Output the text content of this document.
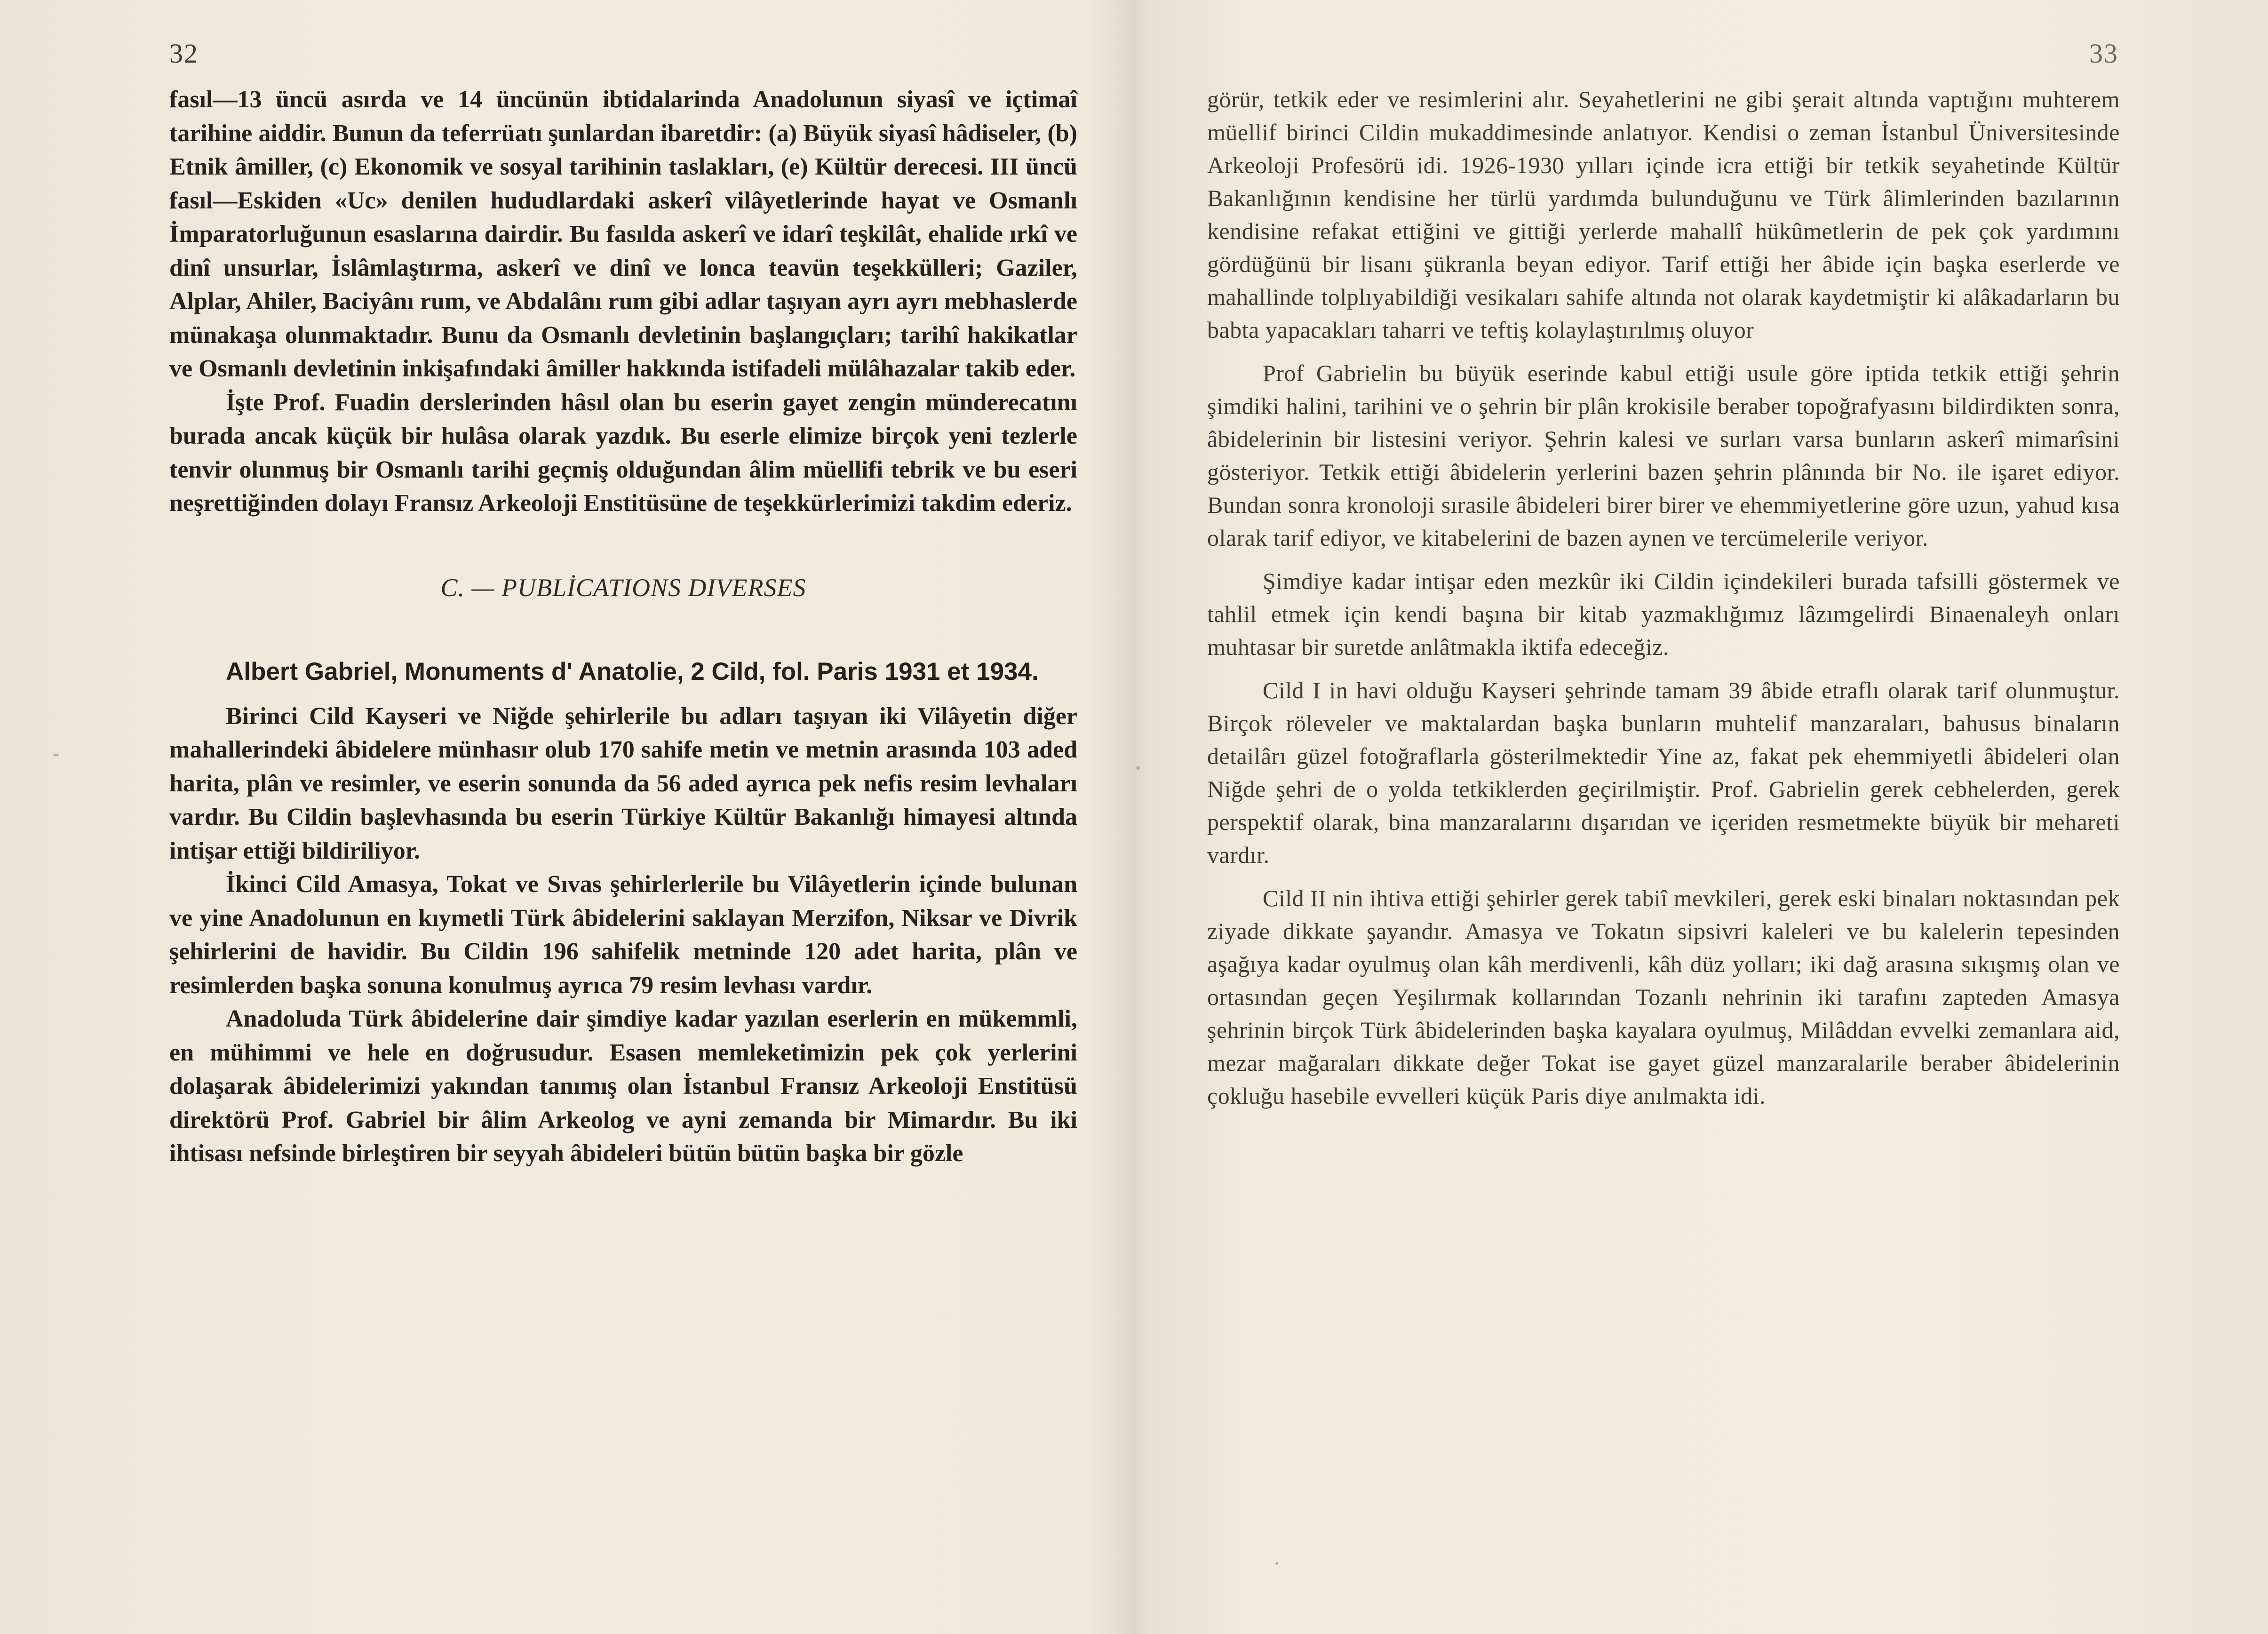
32

fasıl—13 üncü asırda ve 14 üncünün ibtidalarinda Anadolunun siyasî ve içtimaî tarihine aiddir. Bunun da teferrüatı şunlardan ibaretdir: (a) Büyük siyasî hâdiseler, (b) Etnik âmiller, (c) Ekonomik ve sosyal tarihinin taslakları, (e) Kültür derecesi. III üncü fasıl—Eskiden «Uc» denilen hududlardaki askerî vilâyetlerinde hayat ve Osmanlı İmparatorluğunun esaslarına dairdir. Bu fasılda askerî ve idarî teşkilât, ehalide ırkî ve dinî unsurlar, İslâmlaştırma, askerî ve dinî ve lonca teavün teşekkülleri; Gaziler, Alplar, Ahiler, Baciyânı rum, ve Abdalânı rum gibi adlar taşıyan ayrı ayrı mebhaslerde münakaşa olunmaktadır. Bunu da Osmanlı devletinin başlangıçları; tarihî hakikatlar ve Osmanlı devletinin inkişafındaki âmiller hakkında istifadeli mülâhazalar takib eder.

İşte Prof. Fuadin derslerinden hâsıl olan bu eserin gayet zengin münderecatını burada ancak küçük bir hulâsa olarak yazdık. Bu eserle elimize birçok yeni tezlerle tenvir olunmuş bir Osmanlı tarihi geçmiş olduğundan âlim müellifi tebrik ve bu eseri neşrettiğinden dolayı Fransız Arkeoloji Enstitüsüne de teşekkürlerimizi takdim ederiz.

C. — PUBLİCATIONS DIVERSES
Albert Gabriel, Monuments d' Anatolie, 2 Cild, fol. Paris 1931 et 1934.

Birinci Cild Kayseri ve Niğde şehirlerile bu adları taşıyan iki Vilâyetin diğer mahallerindeki âbidelere münhasır olub 170 sahife metin ve metnin arasında 103 aded harita, plân ve resimler, ve eserin sonunda da 56 aded ayrıca pek nefis resim levhaları vardır. Bu Cildin başlevhasında bu eserin Türkiye Kültür Bakanlığı himayesi altında intişar ettiği bildiriliyor.

İkinci Cild Amasya, Tokat ve Sıvas şehirlerlerile bu Vilâyetlerin içinde bulunan ve yine Anadolunun en kıymetli Türk âbidelerini saklayan Merzifon, Niksar ve Divrik şehirlerini de havidir. Bu Cildin 196 sahifelik metninde 120 adet harita, plân ve resimlerden başka sonuna konulmuş ayrıca 79 resim levhası vardır.

Anadoluda Türk âbidelerine dair şimdiye kadar yazılan eserlerin en mükemmli, en mühimmi ve hele en doğrusudur. Esasen memleketimizin pek çok yerlerini dolaşarak âbidelerimizi yakından tanımış olan İstanbul Fransız Arkeoloji Enstitüsü direktörü Prof. Gabriel bir âlim Arkeolog ve ayni zemanda bir Mimardır. Bu iki ihtisası nefsinde birleştiren bir seyyah âbideleri bütün bütün başka bir gözle

33

görür, tetkik eder ve resimlerini alır. Seyahetlerini ne gibi şerait altında vaptığını muhterem müellif birinci Cildin mukaddimesinde anlatıyor. Kendisi o zeman İstanbul Üniversitesinde Arkeoloji Profesörü idi. 1926-1930 yılları içinde icra ettiği bir tetkik seyahetinde Kültür Bakanlığının kendisine her türlü yardımda bulunduğunu ve Türk âlimlerinden bazılarının kendisine refakat ettiğini ve gittiği yerlerde mahallî hükûmetlerin de pek çok yardımını gördüğünü bir lisanı şükranla beyan ediyor. Tarif ettiği her âbide için başka eserlerde ve mahallinde tolplıyabildiği vesikaları sahife altında not olarak kaydetmiştir ki alâkadarların bu babta yapacakları taharri ve teftiş kolaylaştırılmış oluyor

Prof Gabrielin bu büyük eserinde kabul ettiği usule göre iptida tetkik ettiği şehrin şimdiki halini, tarihini ve o şehrin bir plân krokisile beraber topoğrafyasını bildirdikten sonra, âbidelerinin bir listesini veriyor. Şehrin kalesi ve surları varsa bunların askerî mimarîsini gösteriyor. Tetkik ettiği âbidelerin yerlerini bazen şehrin plânında bir No. ile işaret ediyor. Bundan sonra kronoloji sırasile âbideleri birer birer ve ehemmiyetlerine göre uzun, yahud kısa olarak tarif ediyor, ve kitabelerini de bazen aynen ve tercümelerile veriyor.

Şimdiye kadar intişar eden mezkûr iki Cildin içindekileri burada tafsilli göstermek ve tahlil etmek için kendi başına bir kitab yazmaklığımız lâzımgelirdi Binaenaleyh onları muhtasar bir suretde anlâtmakla iktifa edeceğiz.

Cild I in havi olduğu Kayseri şehrinde tamam 39 âbide etraflı olarak tarif olunmuştur. Birçok röleveler ve maktalardan başka bunların muhtelif manzaraları, bahusus binaların detailârı güzel fotoğraflarla gösterilmektedir Yine az, fakat pek ehemmiyetli âbideleri olan Niğde şehri de o yolda tetkiklerden geçirilmiştir. Prof. Gabrielin gerek cebhelerden, gerek perspektif olarak, bina manzaralarını dışarıdan ve içeriden resmetmekte büyük bir mehareti vardır.

Cild II nin ihtiva ettiği şehirler gerek tabiî mevkileri, gerek eski binaları noktasından pek ziyade dikkate şayandır. Amasya ve Tokatın sipsivri kaleleri ve bu kalelerin tepesinden aşağıya kadar oyulmuş olan kâh merdivenli, kâh düz yolları; iki dağ arasına sıkışmış olan ve ortasından geçen Yeşilırmak kollarından Tozanlı nehrinin iki tarafını zapteden Amasya şehrinin birçok Türk âbidelerinden başka kayalara oyulmuş, Milâddan evvelki zemanlara aid, mezar mağaraları dikkate değer Tokat ise gayet güzel manzaralarile beraber âbidelerinin çokluğu hasebile evvelleri küçük Paris diye anılmakta idi.
